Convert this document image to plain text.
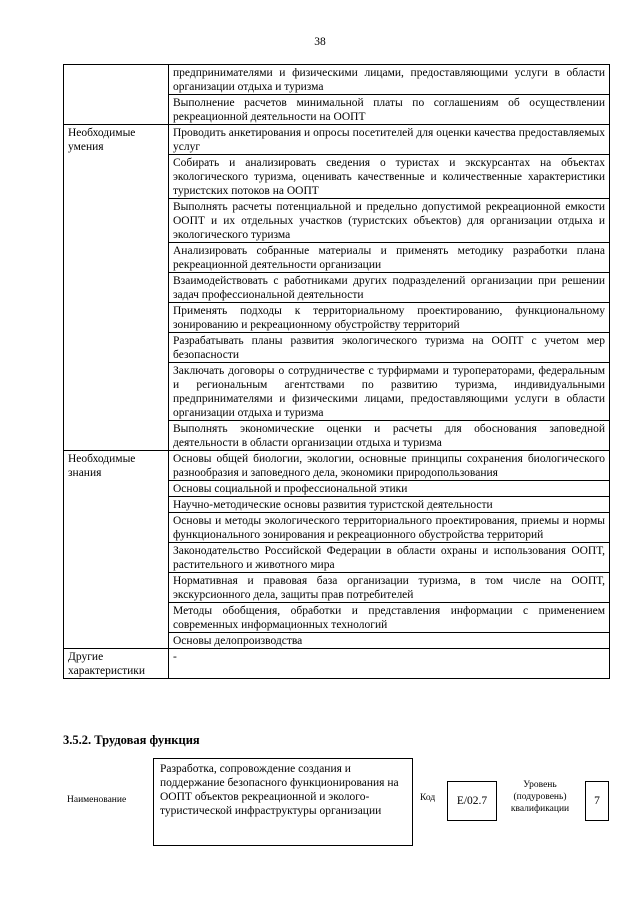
38
	предпринимателями и физическими лицами, предоставляющими услуги в области организации отдыха и туризма
	Выполнение расчетов минимальной платы по соглашениям об осуществлении рекреационной деятельности на ООПТ
Необходимые умения	Проводить анкетирования и опросы посетителей для оценки качества предоставляемых услуг
	Собирать и анализировать сведения о туристах и экскурсантах на объектах экологического туризма, оценивать качественные и количественные характеристики туристских потоков на ООПТ
	Выполнять расчеты потенциальной и предельно допустимой рекреационной емкости ООПТ и их отдельных участков (туристских объектов) для организации отдыха и экологического туризма
	Анализировать собранные материалы и применять методику разработки плана рекреационной деятельности организации
	Взаимодействовать с работниками других подразделений организации при решении задач профессиональной деятельности
	Применять подходы к территориальному проектированию, функциональному зонированию и рекреационному обустройству территорий
	Разрабатывать планы развития экологического туризма на ООПТ с учетом мер безопасности
	Заключать договоры о сотрудничестве с турфирмами и туроператорами, федеральным и региональным агентствами по развитию туризма, индивидуальными предпринимателями и физическими лицами, предоставляющими услуги в области организации отдыха и туризма
	Выполнять экономические оценки и расчеты для обоснования заповедной деятельности в области организации отдыха и туризма
Необходимые знания	Основы общей биологии, экологии, основные принципы сохранения биологического разнообразия и заповедного дела, экономики природопользования
	Основы социальной и профессиональной этики
	Научно-методические основы развития туристской деятельности
	Основы и методы экологического территориального проектирования, приемы и нормы функционального зонирования и рекреационного обустройства территорий
	Законодательство Российской Федерации в области охраны и использования ООПТ, растительного и животного мира
	Нормативная и правовая база организации туризма, в том числе на ООПТ, экскурсионного дела, защиты прав потребителей
	Методы обобщения, обработки и представления информации с применением современных информационных технологий
	Основы делопроизводства
Другие характеристики	-
3.5.2. Трудовая функция
Наименование
Разработка, сопровождение создания и поддержание безопасного функционирования на ООПТ объектов рекреационной и эколого-туристической инфраструктуры организации
Код	E/02.7
Уровень (подуровень) квалификации
7
